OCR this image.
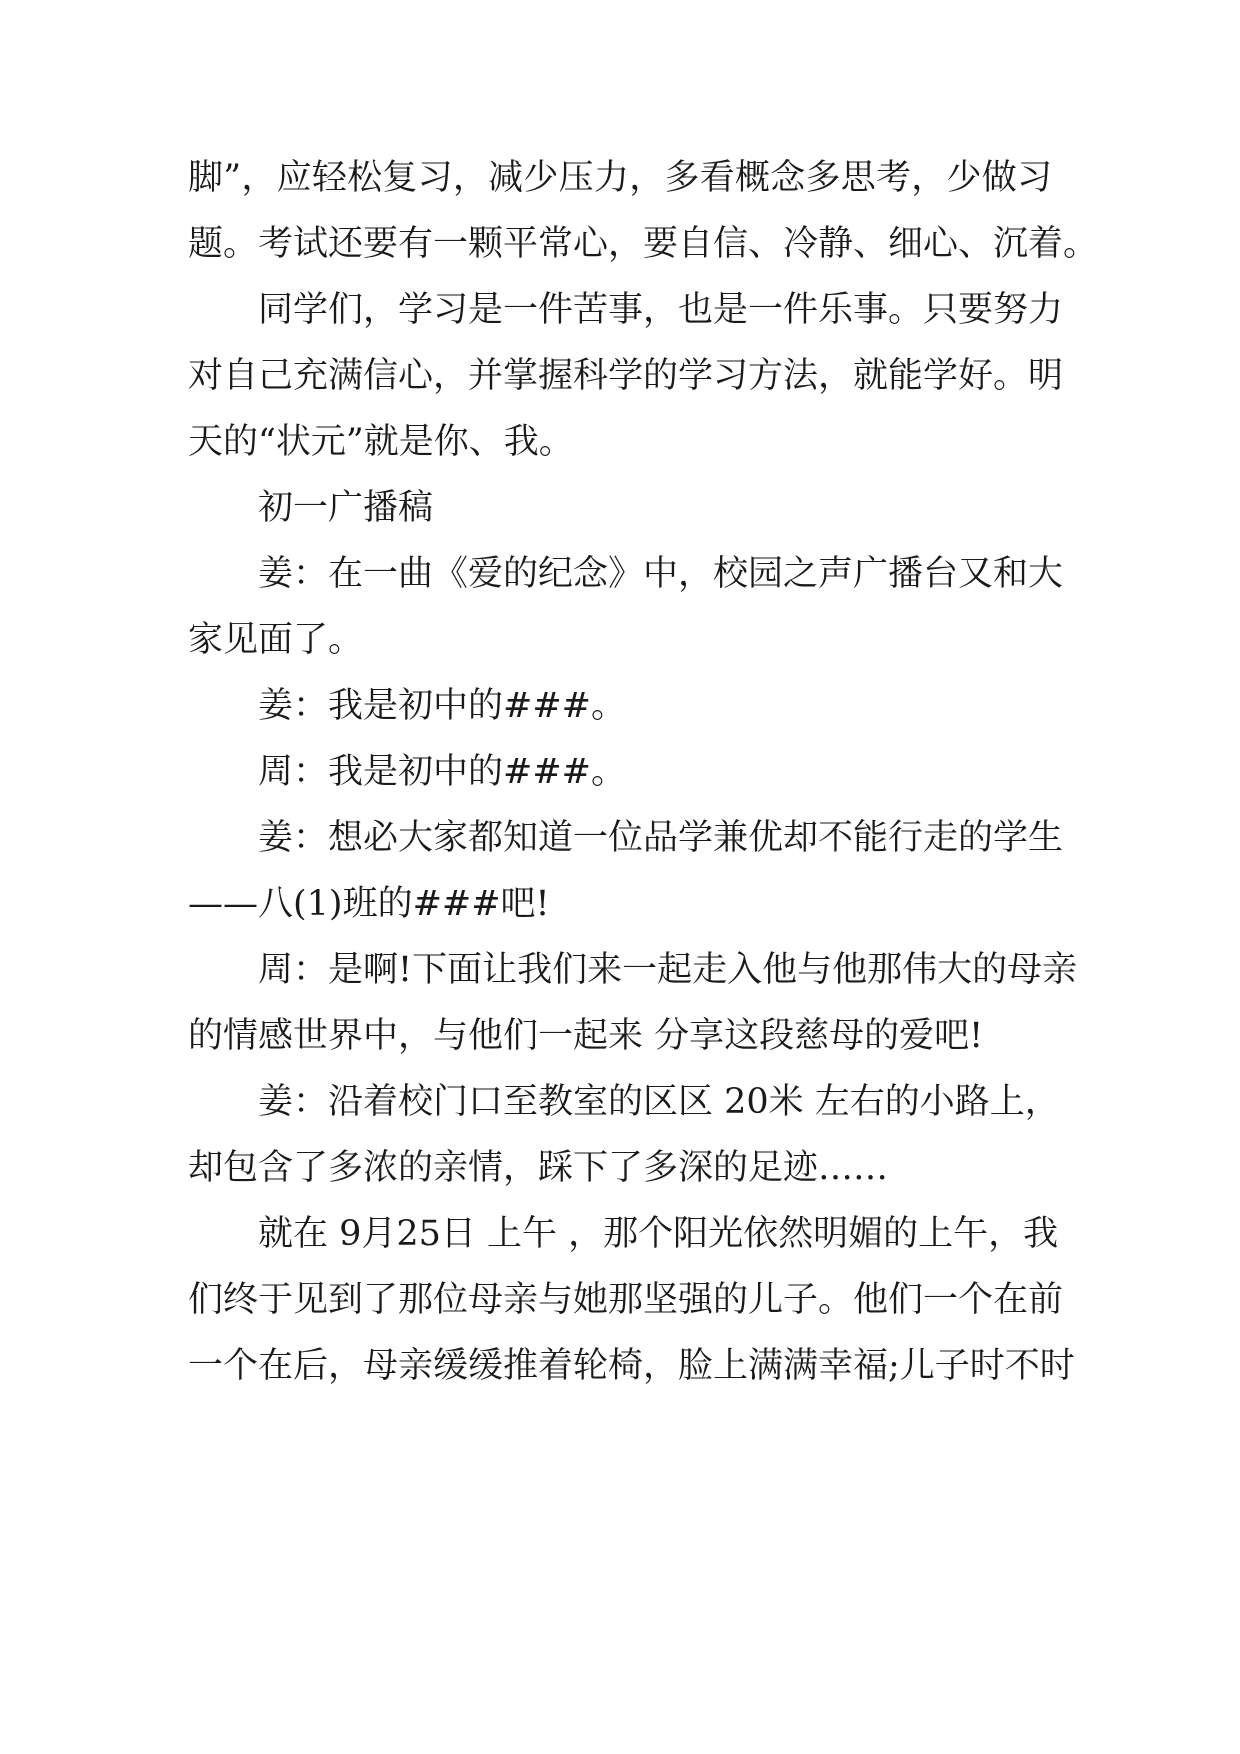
脚”，应轻松复习，减少压力，多看概念多思考，少做习
题。考试还要有一颗平常心，要自信、冷静、细心、沉着。
同学们，学习是一件苦事，也是一件乐事。只要努力
对自己充满信心，并掌握科学的学习方法，就能学好。明
天的“状元”就是你、我。
初一广播稿
姜：在一曲《爱的纪念》中，校园之声广播台又和大
家见面了。
姜：我是初中的###。
周：我是初中的###。
姜：想必大家都知道一位品学兼优却不能行走的学生
——八(1)班的###吧!
周：是啊!下面让我们来一起走入他与他那伟大的母亲
的情感世界中，与他们一起来 分享这段慈母的爱吧!
姜：沿着校门口至教室的区区 20米 左右的小路上，
却包含了多浓的亲情，踩下了多深的足迹……
就在 9月25日 上午 ，那个阳光依然明媚的上午，我
们终于见到了那位母亲与她那坚强的儿子。他们一个在前
一个在后，母亲缓缓推着轮椅，脸上满满幸福;儿子时不时
